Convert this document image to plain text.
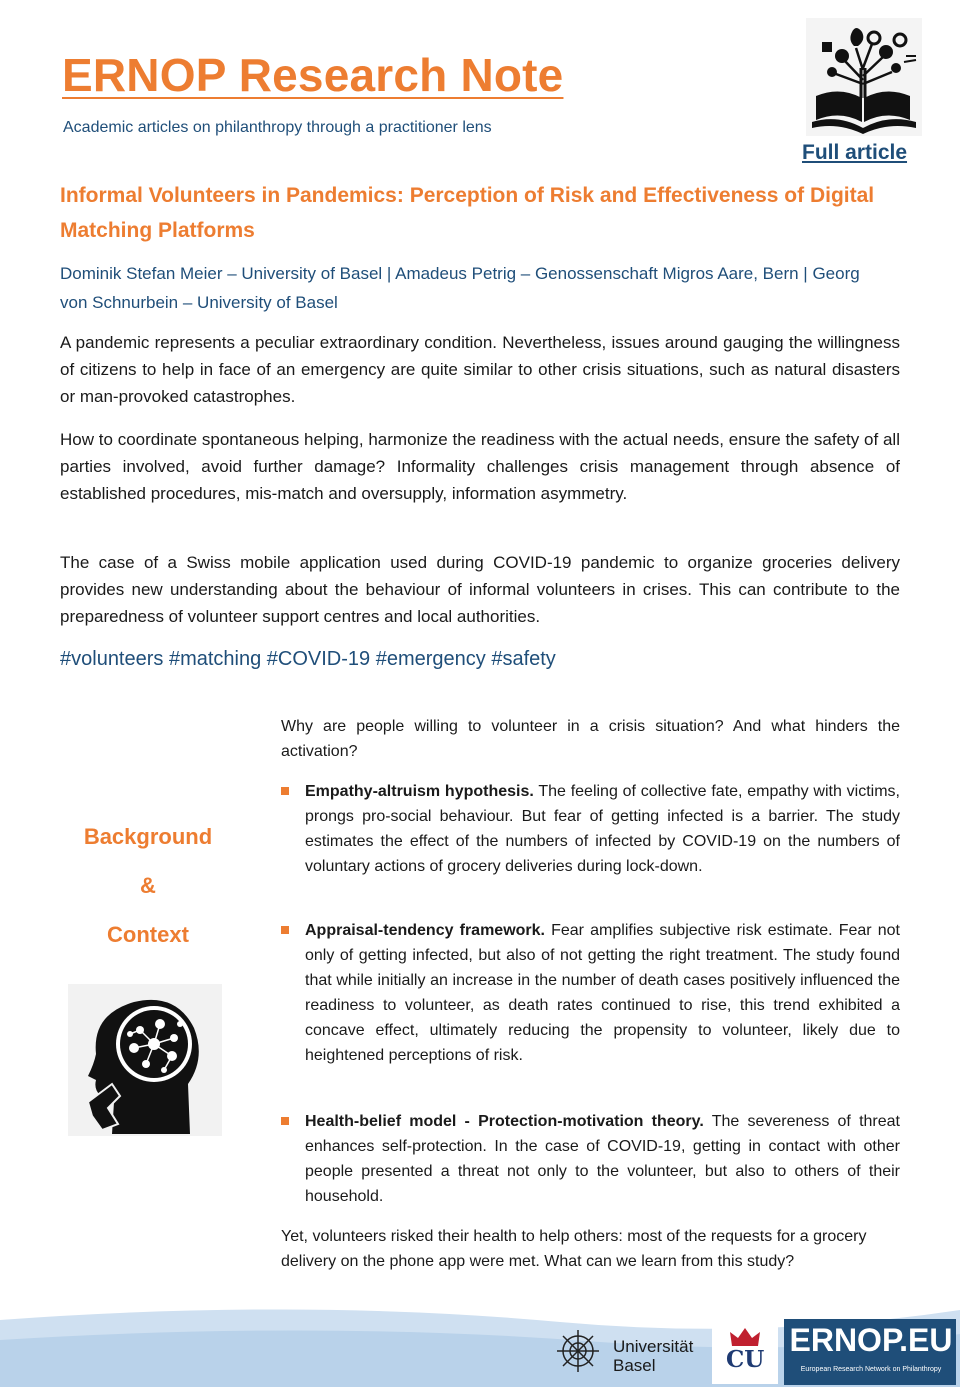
ERNOP Research Note
Academic articles on philanthropy through a practitioner lens
Full article
Informal Volunteers in Pandemics: Perception of Risk and Effectiveness of Digital Matching Platforms
Dominik Stefan Meier – University of Basel | Amadeus Petrig – Genossenschaft Migros Aare, Bern | Georg von Schnurbein – University of Basel
A pandemic represents a peculiar extraordinary condition. Nevertheless, issues around gauging the willingness of citizens to help in face of an emergency are quite similar to other crisis situations, such as natural disasters or man-provoked catastrophes.
How to coordinate spontaneous helping, harmonize the readiness with the actual needs, ensure the safety of all parties involved, avoid further damage? Informality challenges crisis management through absence of established procedures, mis-match and oversupply, information asymmetry.
The case of a Swiss mobile application used during COVID-19 pandemic to organize groceries delivery provides new understanding about the behaviour of informal volunteers in crises. This can contribute to the preparedness of volunteer support centres and local authorities.
#volunteers #matching #COVID-19 #emergency #safety
Background
&
Context
Why are people willing to volunteer in a crisis situation? And what hinders the activation?
Empathy-altruism hypothesis. The feeling of collective fate, empathy with victims, prongs pro-social behaviour. But fear of getting infected is a barrier. The study estimates the effect of the numbers of infected by COVID-19 on the numbers of voluntary actions of grocery deliveries during lock-down.
Appraisal-tendency framework. Fear amplifies subjective risk estimate. Fear not only of getting infected, but also of not getting the right treatment. The study found that while initially an increase in the number of death cases positively influenced the readiness to volunteer, as death rates continued to rise, this trend exhibited a concave effect, ultimately reducing the propensity to volunteer, likely due to heightened perceptions of risk.
Health-belief model - Protection-motivation theory. The severeness of threat enhances self-protection. In the case of COVID-19, getting in contact with other people presented a threat not only to the volunteer, but also to others of their household.
Yet, volunteers risked their health to help others: most of the requests for a grocery delivery on the phone app were met. What can we learn from this study?
Universität
Basel	CU
ERNOP.EU
European Research Network on Philanthropy
